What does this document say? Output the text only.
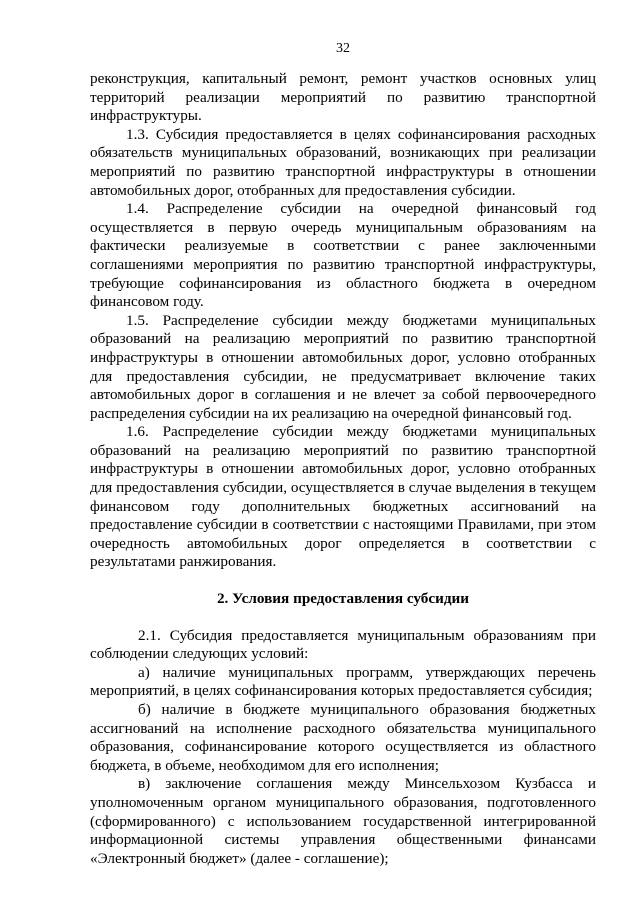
32

реконструкция, капитальный ремонт, ремонт участков основных улиц территорий реализации мероприятий по развитию транспортной инфраструктуры.

1.3. Субсидия предоставляется в целях софинансирования расходных обязательств муниципальных образований, возникающих при реализации мероприятий по развитию транспортной инфраструктуры в отношении автомобильных дорог, отобранных для предоставления субсидии.

1.4. Распределение субсидии на очередной финансовый год осуществляется в первую очередь муниципальным образованиям на фактически реализуемые в соответствии с ранее заключенными соглашениями мероприятия по развитию транспортной инфраструктуры, требующие софинансирования из областного бюджета в очередном финансовом году.

1.5. Распределение субсидии между бюджетами муниципальных образований на реализацию мероприятий по развитию транспортной инфраструктуры в отношении автомобильных дорог, условно отобранных для предоставления субсидии, не предусматривает включение таких автомобильных дорог в соглашения и не влечет за собой первоочередного распределения субсидии на их реализацию на очередной финансовый год.

1.6. Распределение субсидии между бюджетами муниципальных образований на реализацию мероприятий по развитию транспортной инфраструктуры в отношении автомобильных дорог, условно отобранных для предоставления субсидии, осуществляется в случае выделения в текущем финансовом году дополнительных бюджетных ассигнований на предоставление субсидии в соответствии с настоящими Правилами, при этом очередность автомобильных дорог определяется в соответствии с результатами ранжирования.

2. Условия предоставления субсидии

2.1. Субсидия предоставляется муниципальным образованиям при соблюдении следующих условий:

а) наличие муниципальных программ, утверждающих перечень мероприятий, в целях софинансирования которых предоставляется субсидия;

б) наличие в бюджете муниципального образования бюджетных ассигнований на исполнение расходного обязательства муниципального образования, софинансирование которого осуществляется из областного бюджета, в объеме, необходимом для его исполнения;

в) заключение соглашения между Минсельхозом Кузбасса и уполномоченным органом муниципального образования, подготовленного (сформированного) с использованием государственной интегрированной информационной системы управления общественными финансами «Электронный бюджет» (далее - соглашение);
